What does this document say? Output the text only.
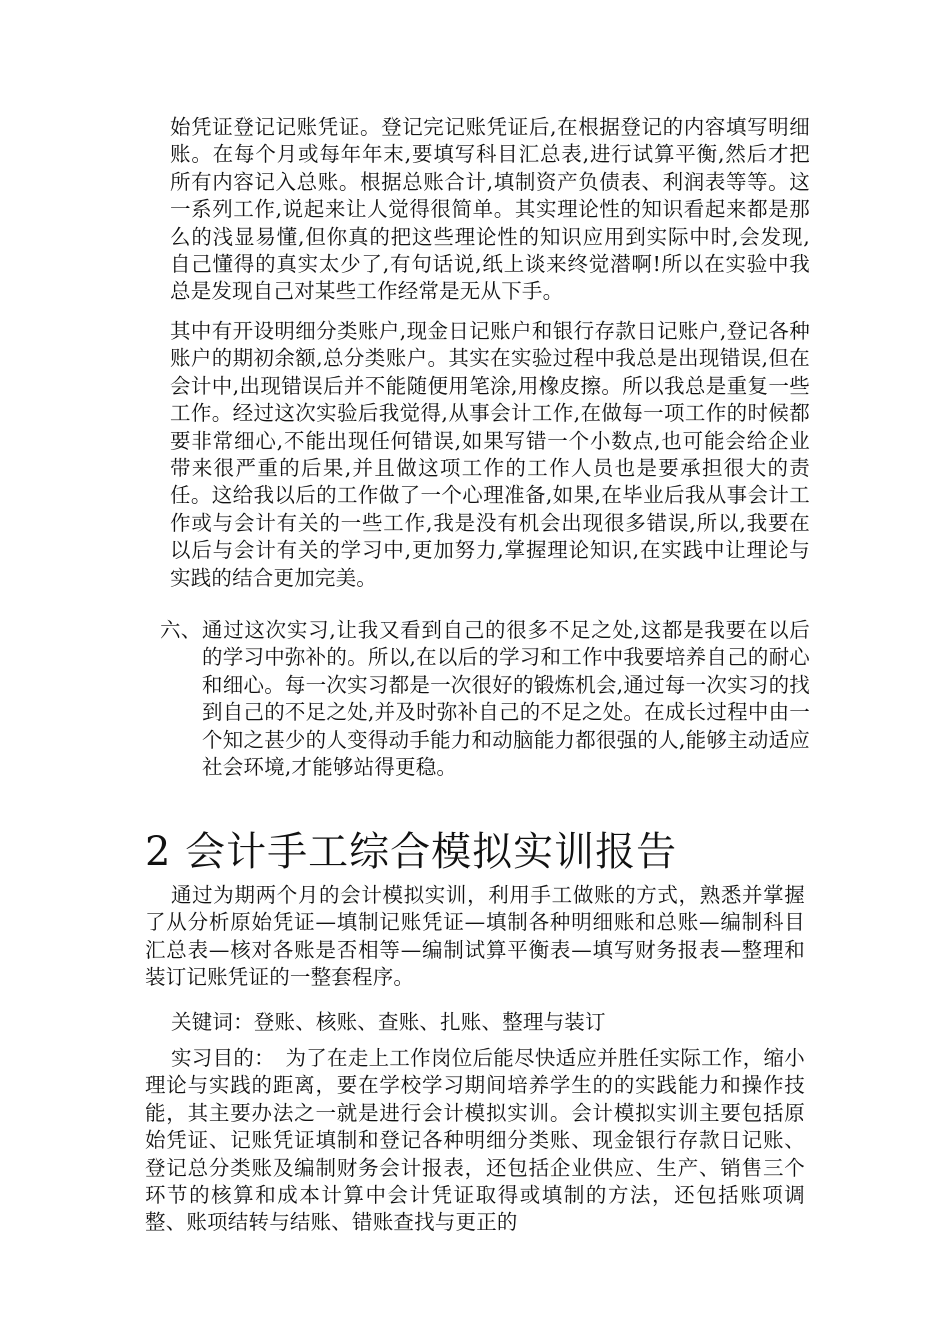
始凭证登记记账凭证。登记完记账凭证后,在根据登记的内容填写明细账。在每个月或每年年末,要填写科目汇总表,进行试算平衡,然后才把所有内容记入总账。根据总账合计,填制资产负债表、利润表等等。这一系列工作,说起来让人觉得很简单。其实理论性的知识看起来都是那么的浅显易懂,但你真的把这些理论性的知识应用到实际中时,会发现,自己懂得的真实太少了,有句话说,纸上谈来终觉潜啊!所以在实验中我总是发现自己对某些工作经常是无从下手。

其中有开设明细分类账户,现金日记账户和银行存款日记账户,登记各种账户的期初余额,总分类账户。其实在实验过程中我总是出现错误,但在会计中,出现错误后并不能随便用笔涂,用橡皮擦。所以我总是重复一些工作。经过这次实验后我觉得,从事会计工作,在做每一项工作的时候都要非常细心,不能出现任何错误,如果写错一个小数点,也可能会给企业带来很严重的后果,并且做这项工作的工作人员也是要承担很大的责任。这给我以后的工作做了一个心理准备,如果,在毕业后我从事会计工作或与会计有关的一些工作,我是没有机会出现很多错误,所以,我要在以后与会计有关的学习中,更加努力,掌握理论知识,在实践中让理论与实践的结合更加完美。

六、 通过这次实习,让我又看到自己的很多不足之处,这都是我要在以后的学习中弥补的。所以,在以后的学习和工作中我要培养自己的耐心和细心。每一次实习都是一次很好的锻炼机会,通过每一次实习的找到自己的不足之处,并及时弥补自己的不足之处。在成长过程中由一个知之甚少的人变得动手能力和动脑能力都很强的人,能够主动适应社会环境,才能够站得更稳。
2 会计手工综合模拟实训报告

通过为期两个月的会计模拟实训，利用手工做账的方式，熟悉并掌握了从分析原始凭证—填制记账凭证—填制各种明细账和总账—编制科目汇总表—核对各账是否相等—编制试算平衡表—填写财务报表—整理和装订记账凭证的一整套程序。

关键词：登账、核账、查账、扎账、整理与装订

实习目的：　为了在走上工作岗位后能尽快适应并胜任实际工作，缩小理论与实践的距离，要在学校学习期间培养学生的的实践能力和操作技能，其主要办法之一就是进行会计模拟实训。会计模拟实训主要包括原始凭证、记账凭证填制和登记各种明细分类账、现金银行存款日记账、登记总分类账及编制财务会计报表，还包括企业供应、生产、销售三个环节的核算和成本计算中会计凭证取得或填制的方法，还包括账项调整、账项结转与结账、错账查找与更正的
